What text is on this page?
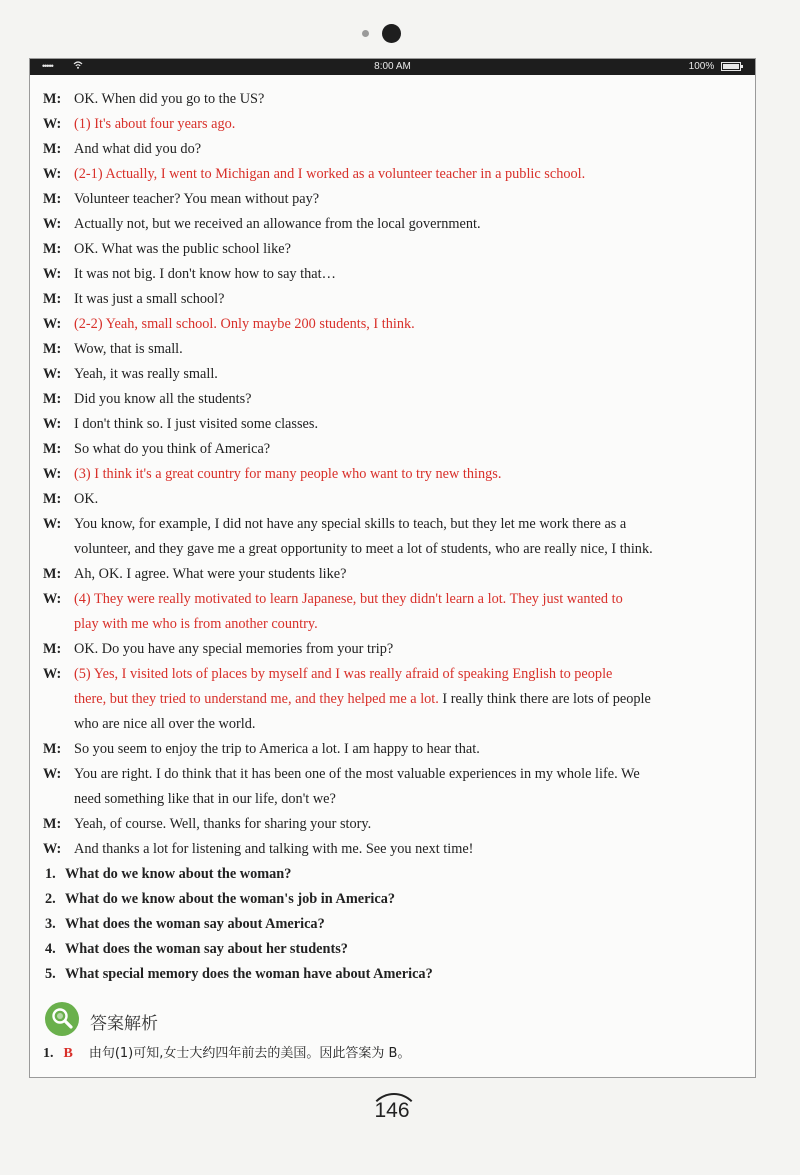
•••••	8:00 AM	100%
M: OK. When did you go to the US?
W: (1) It's about four years ago.
M: And what did you do?
W: (2-1) Actually, I went to Michigan and I worked as a volunteer teacher in a public school.
M: Volunteer teacher? You mean without pay?
W: Actually not, but we received an allowance from the local government.
M: OK. What was the public school like?
W: It was not big. I don't know how to say that…
M: It was just a small school?
W: (2-2) Yeah, small school. Only maybe 200 students, I think.
M: Wow, that is small.
W: Yeah, it was really small.
M: Did you know all the students?
W: I don't think so. I just visited some classes.
M: So what do you think of America?
W: (3) I think it's a great country for many people who want to try new things.
M: OK.
W: You know, for example, I did not have any special skills to teach, but they let me work there as a
volunteer, and they gave me a great opportunity to meet a lot of students, who are really nice, I think.
M: Ah, OK. I agree. What were your students like?
W: (4) They were really motivated to learn Japanese, but they didn't learn a lot. They just wanted to
play with me who is from another country.
M: OK. Do you have any special memories from your trip?
W: (5) Yes, I visited lots of places by myself and I was really afraid of speaking English to people
there, but they tried to understand me, and they helped me a lot. I really think there are lots of people
who are nice all over the world.
M: So you seem to enjoy the trip to America a lot. I am happy to hear that.
W: You are right. I do think that it has been one of the most valuable experiences in my whole life. We
need something like that in our life, don't we?
M: Yeah, of course. Well, thanks for sharing your story.
W: And thanks a lot for listening and talking with me. See you next time!
1. What do we know about the woman?
2. What do we know about the woman's job in America?
3. What does the woman say about America?
4. What does the woman say about her students?
5. What special memory does the woman have about America?
答案解析
1. B 由句(1)可知,女士大约四年前去的美国。因此答案为 B。
146
